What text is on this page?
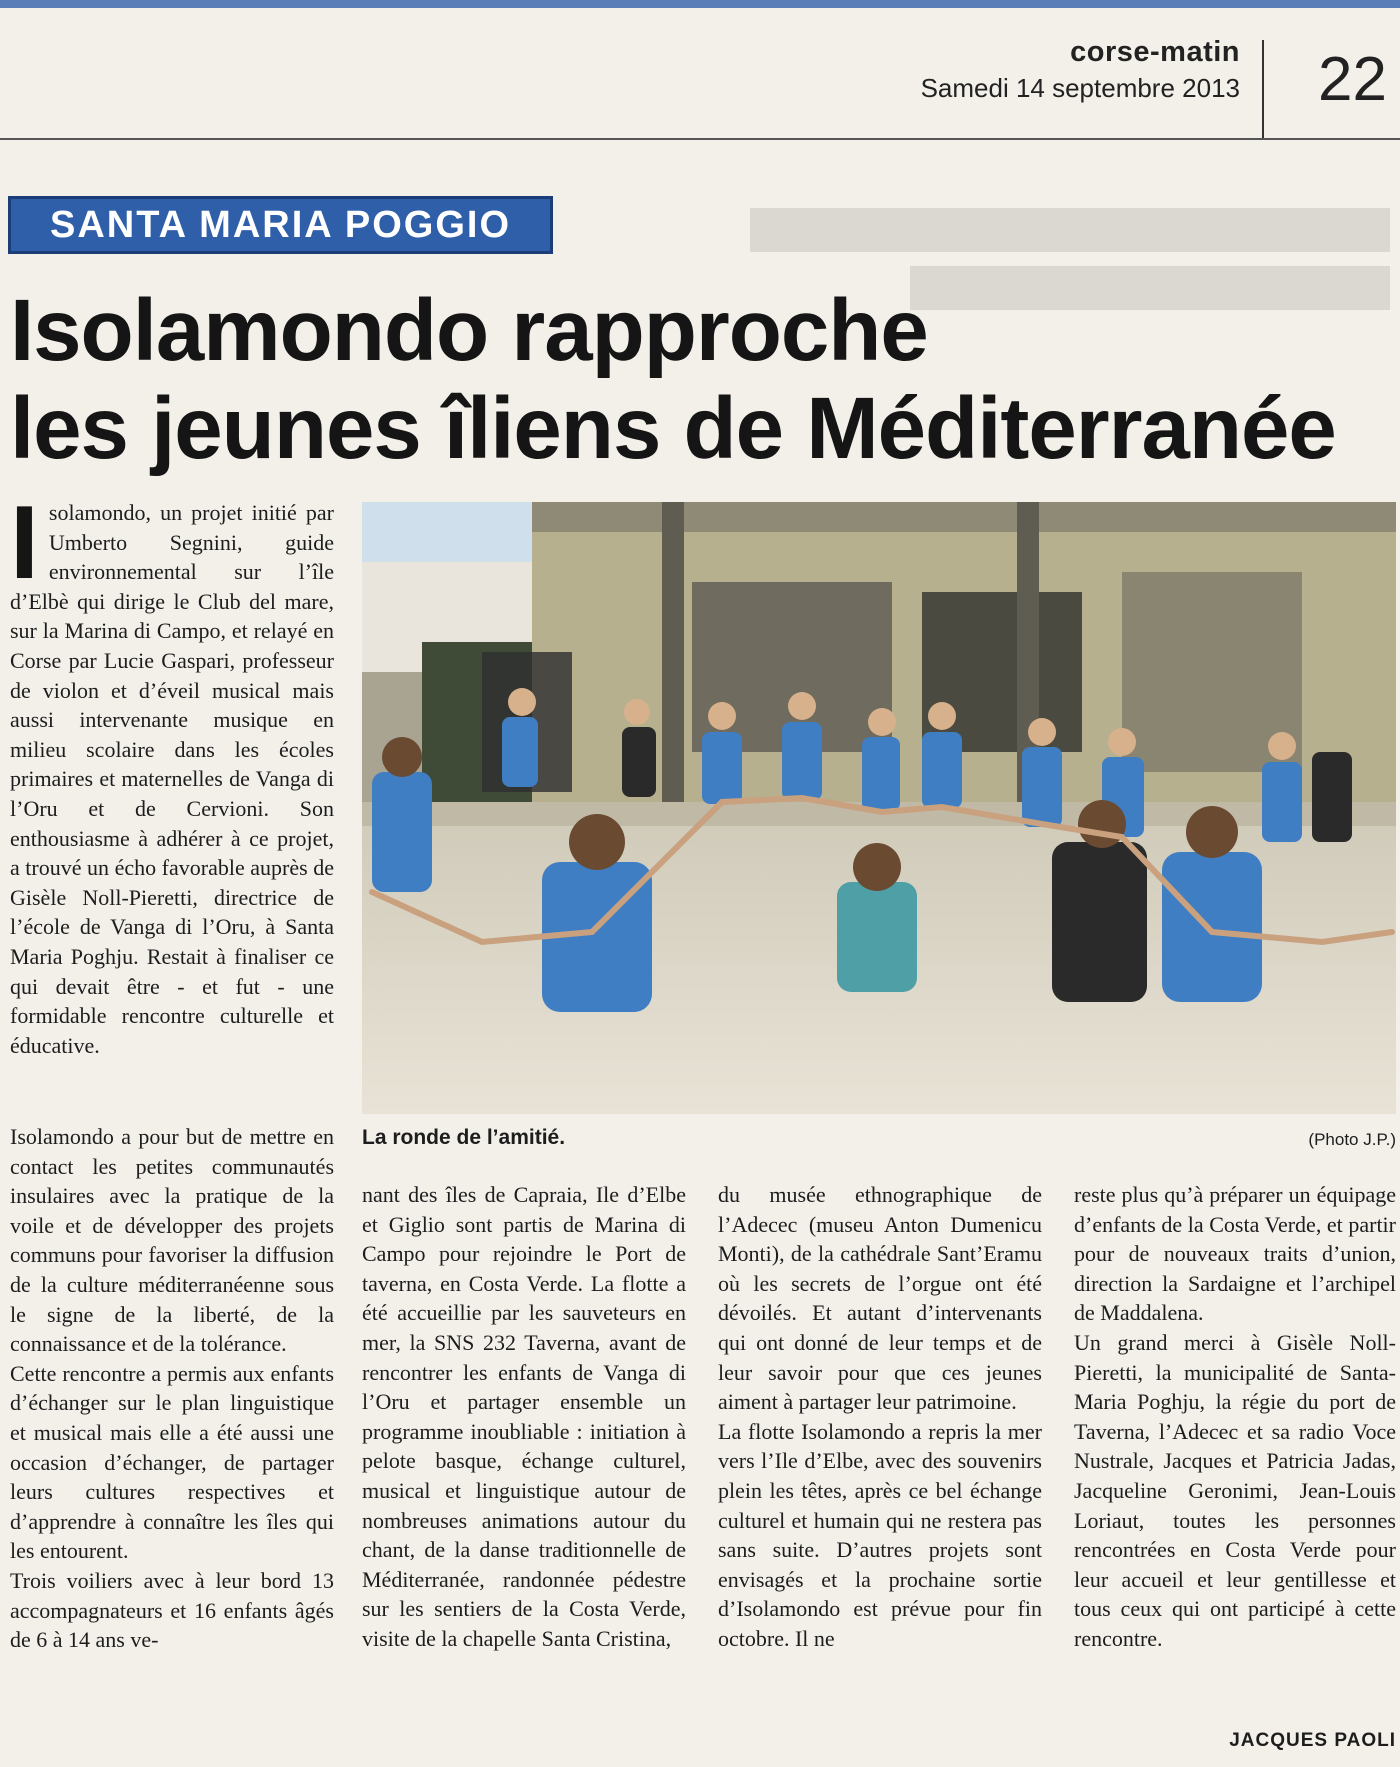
corse-matin
Samedi 14 septembre 2013 22
SANTA MARIA POGGIO
Isolamondo rapproche
les jeunes îliens de Méditerranée
La ronde de l’amitié.	(Photo J.P.)

Isolamondo, un projet initié par Umberto Segnini, guide environnemental sur l’île d’Elbè qui dirige le Club del mare, sur la Marina di Campo, et relayé en Corse par Lucie Gaspari, professeur de violon et d’éveil musical mais aussi intervenante musique en milieu scolaire dans les écoles primaires et maternelles de Vanga di l’Oru et de Cervioni. Son enthousiasme à adhérer à ce projet, a trouvé un écho favorable auprès de Gisèle Noll-Pieretti, directrice de l’école de Vanga di l’Oru, à Santa Maria Poghju. Restait à finaliser ce qui devait être - et fut - une formidable rencontre culturelle et éducative.

Isolamondo a pour but de mettre en contact les petites communautés insulaires avec la pratique de la voile et de développer des projets communs pour favoriser la diffusion de la culture méditerranéenne sous le signe de la liberté, de la connaissance et de la tolérance.

Cette rencontre a permis aux enfants d’échanger sur le plan linguistique et musical mais elle a été aussi une occasion d’échanger, de partager leurs cultures respectives et d’apprendre à connaître les îles qui les entourent.

Trois voiliers avec à leur bord 13 accompagnateurs et 16 enfants âgés de 6 à 14 ans ve-

nant des îles de Capraia, Ile d’Elbe et Giglio sont partis de Marina di Campo pour rejoindre le Port de taverna, en Costa Verde. La flotte a été accueillie par les sauveteurs en mer, la SNS 232 Taverna, avant de rencontrer les enfants de Vanga di l’Oru et partager ensemble un programme inoubliable : initiation à pelote basque, échange culturel, musical et linguistique autour de nombreuses animations autour du chant, de la danse traditionnelle de Méditerranée, randonnée pédestre sur les sentiers de la Costa Verde, visite de la chapelle Santa Cristina,

du musée ethnographique de l’Adecec (museu Anton Dumenicu Monti), de la cathédrale Sant’Eramu où les secrets de l’orgue ont été dévoilés. Et autant d’intervenants qui ont donné de leur temps et de leur savoir pour que ces jeunes aiment à partager leur patrimoine.

La flotte Isolamondo a repris la mer vers l’Ile d’Elbe, avec des souvenirs plein les têtes, après ce bel échange culturel et humain qui ne restera pas sans suite. D’autres projets sont envisagés et la prochaine sortie d’Isolamondo est prévue pour fin octobre. Il ne

reste plus qu’à préparer un équipage d’enfants de la Costa Verde, et partir pour de nouveaux traits d’union, direction la Sardaigne et l’archipel de Maddalena.

Un grand merci à Gisèle Noll-Pieretti, la municipalité de Santa-Maria Poghju, la régie du port de Taverna, l’Adecec et sa radio Voce Nustrale, Jacques et Patricia Jadas, Jacqueline Geronimi, Jean-Louis Loriaut, toutes les personnes rencontrées en Costa Verde pour leur accueil et leur gentillesse et tous ceux qui ont participé à cette rencontre.

JACQUES PAOLI
